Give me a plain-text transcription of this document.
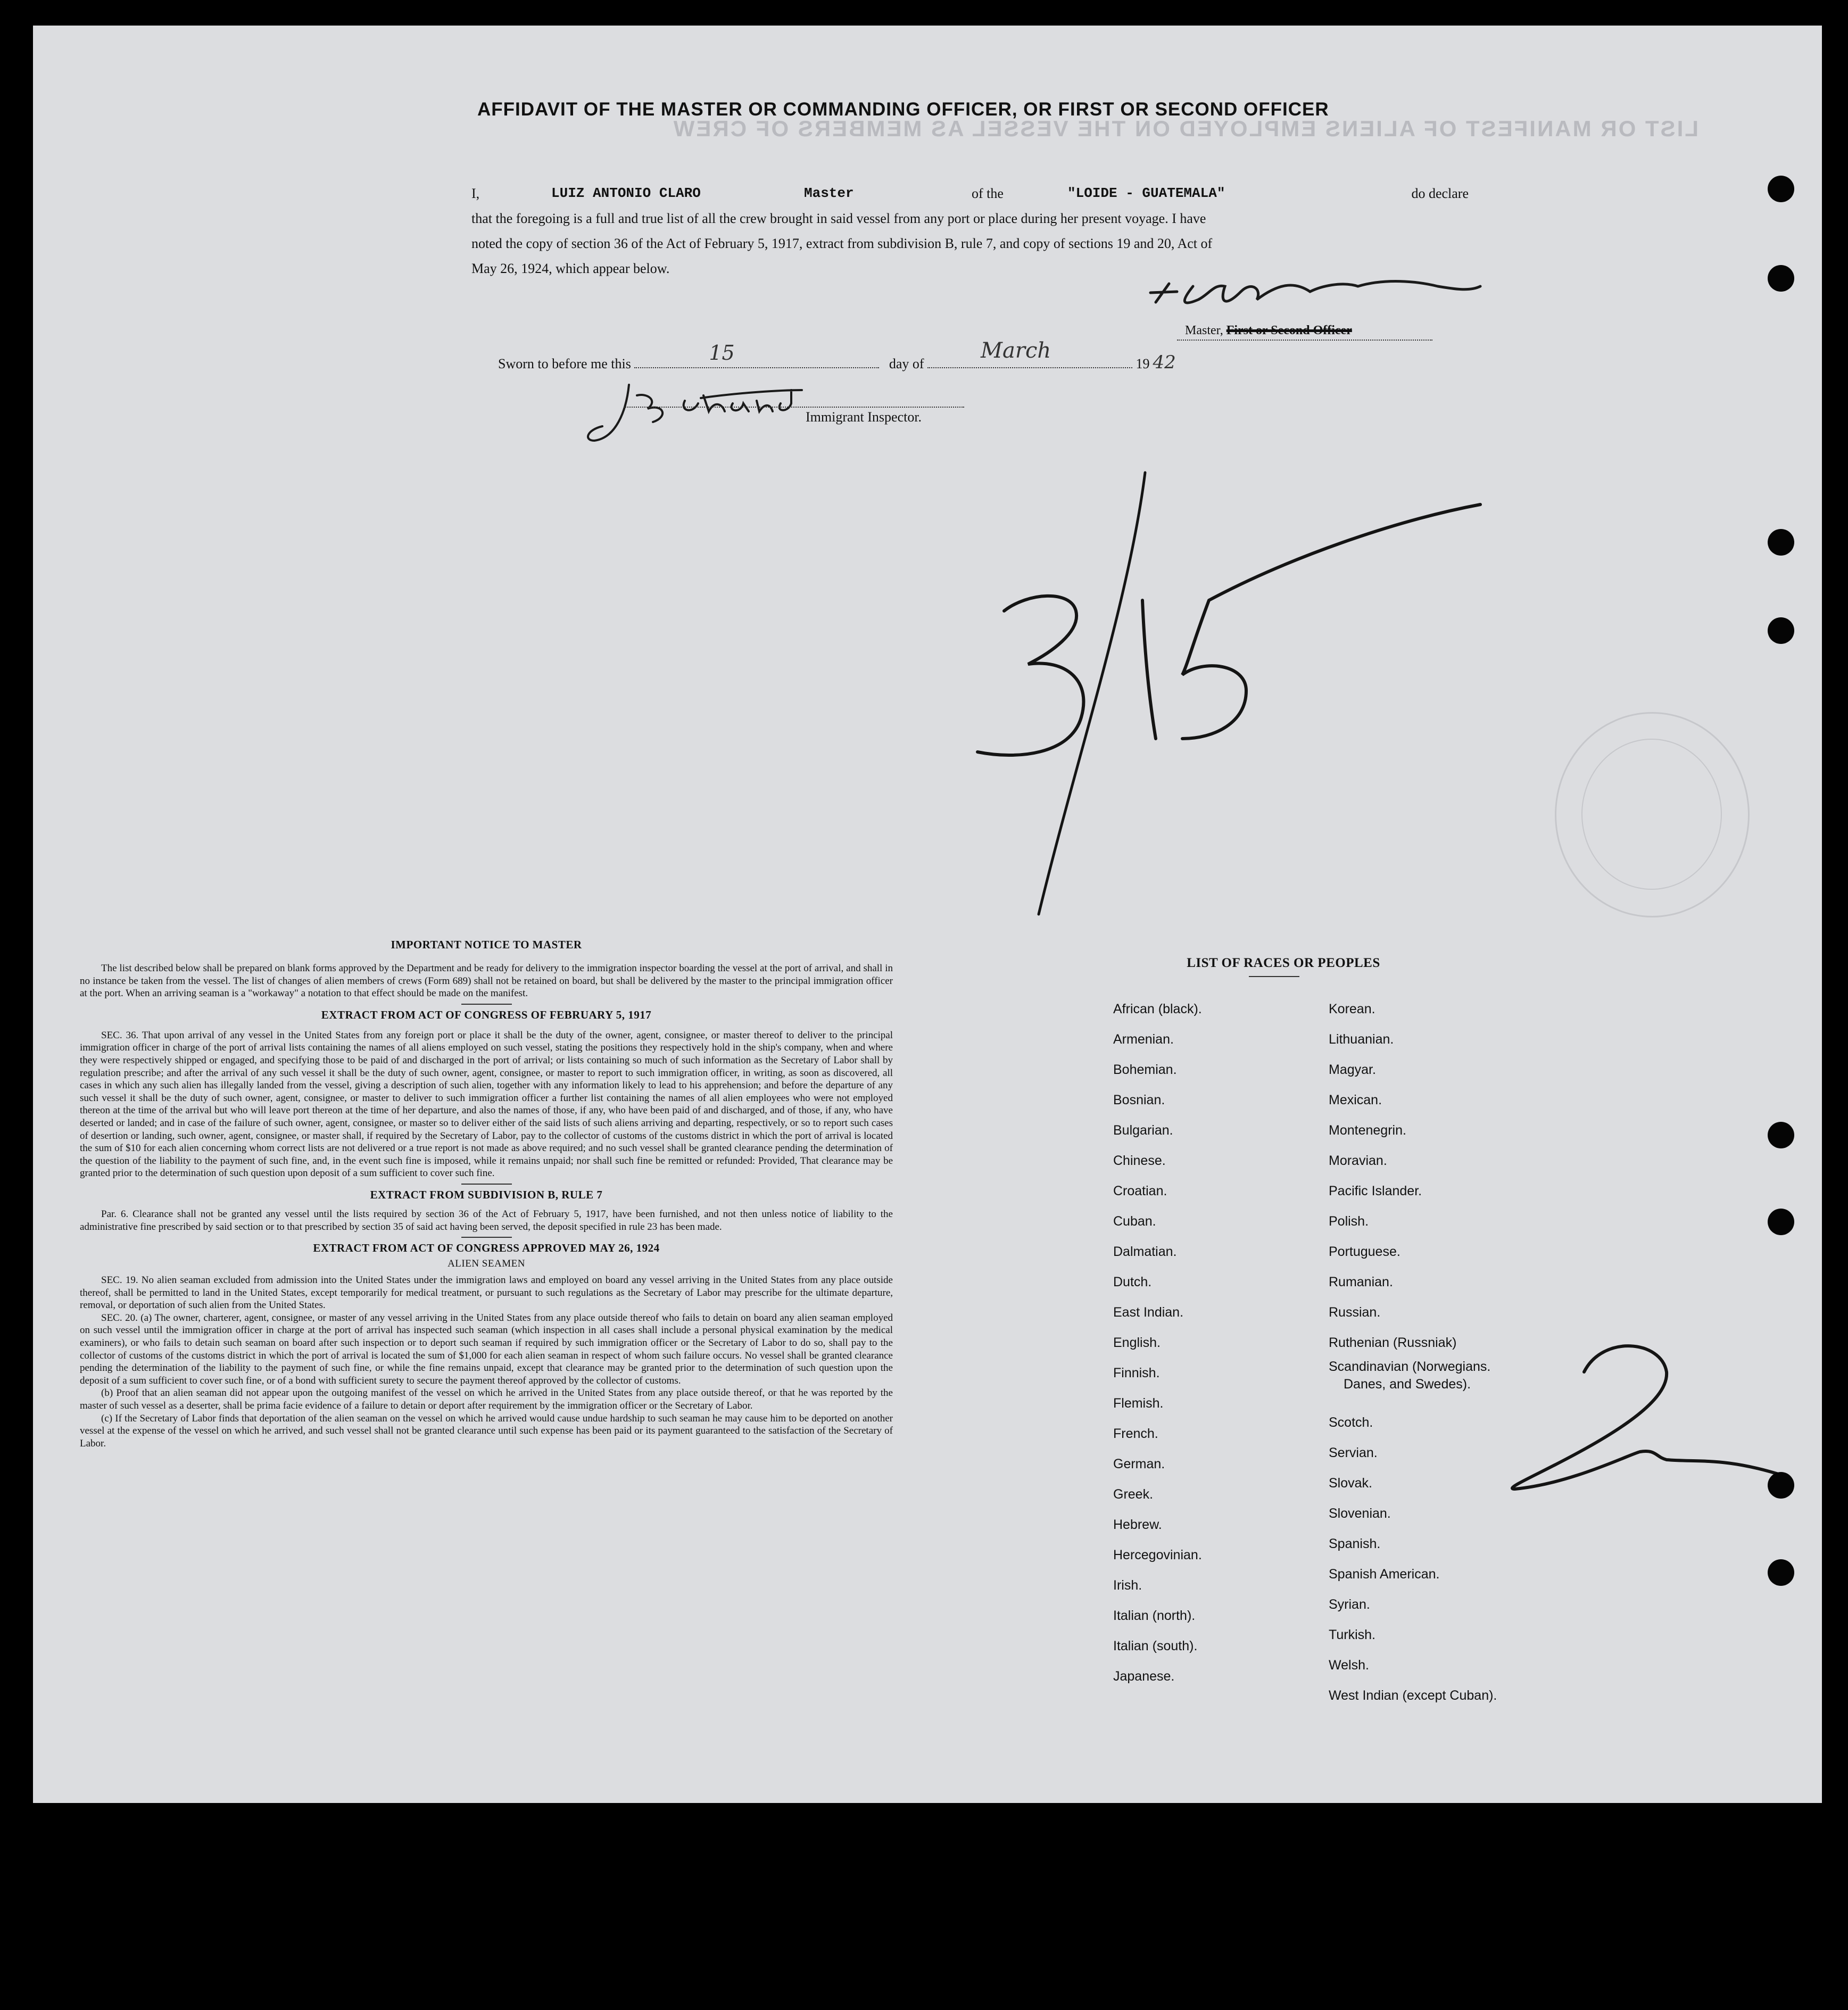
LIST OR MANIFEST OF ALIENS EMPLOYED ON THE VESSEL AS MEMBERS OF CREW
AFFIDAVIT OF THE MASTER OR COMMANDING OFFICER, OR FIRST OR SECOND OFFICER
I,	LUIZ ANTONIO CLARO	Master	of the	"LOIDE - GUATEMALA"	do declare
that the foregoing is a full and true list of all the crew brought in said vessel from any port or place during her present voyage. I have
noted the copy of section 36 of the Act of February 5, 1917, extract from subdivision B, rule 7, and copy of sections 19 and 20, Act of
May 26, 1924, which appear below.
Master, First or Second Officer
Sworn to before me this	15	day of
March
19 42
Immigrant Inspector.
IMPORTANT NOTICE TO MASTER
The list described below shall be prepared on blank forms approved by the Department and be ready for delivery to the immigration inspector boarding the vessel at the port of arrival, and shall in no instance be taken from the vessel. The list of changes of alien members of crews (Form 689) shall not be retained on board, but shall be delivered by the master to the principal immigration officer at the port. When an arriving seaman is a "workaway" a notation to that effect should be made on the manifest.
EXTRACT FROM ACT OF CONGRESS OF FEBRUARY 5, 1917
SEC. 36. That upon arrival of any vessel in the United States from any foreign port or place it shall be the duty of the owner, agent, consignee, or master thereof to deliver to the principal immigration officer in charge of the port of arrival lists containing the names of all aliens employed on such vessel, stating the positions they respectively hold in the ship's company, when and where they were respectively shipped or engaged, and specifying those to be paid of and discharged in the port of arrival; or lists containing so much of such information as the Secretary of Labor shall by regulation prescribe; and after the arrival of any such vessel it shall be the duty of such owner, agent, consignee, or master to report to such immigration officer, in writing, as soon as discovered, all cases in which any such alien has illegally landed from the vessel, giving a description of such alien, together with any information likely to lead to his apprehension; and before the departure of any such vessel it shall be the duty of such owner, agent, consignee, or master to deliver to such immigration officer a further list containing the names of all alien employees who were not employed thereon at the time of the arrival but who will leave port thereon at the time of her departure, and also the names of those, if any, who have been paid of and discharged, and of those, if any, who have deserted or landed; and in case of the failure of such owner, agent, consignee, or master so to deliver either of the said lists of such aliens arriving and departing, respectively, or so to report such cases of desertion or landing, such owner, agent, consignee, or master shall, if required by the Secretary of Labor, pay to the collector of customs of the customs district in which the port of arrival is located the sum of $10 for each alien concerning whom correct lists are not delivered or a true report is not made as above required; and no such vessel shall be granted clearance pending the determination of the question of the liability to the payment of such fine, and, in the event such fine is imposed, while it remains unpaid; nor shall such fine be remitted or refunded: Provided, That clearance may be granted prior to the determination of such question upon deposit of a sum sufficient to cover such fine.
EXTRACT FROM SUBDIVISION B, RULE 7
Par. 6. Clearance shall not be granted any vessel until the lists required by section 36 of the Act of February 5, 1917, have been furnished, and not then unless notice of liability to the administrative fine prescribed by said section or to that prescribed by section 35 of said act having been served, the deposit specified in rule 23 has been made.
EXTRACT FROM ACT OF CONGRESS APPROVED MAY 26, 1924
ALIEN SEAMEN
SEC. 19. No alien seaman excluded from admission into the United States under the immigration laws and employed on board any vessel arriving in the United States from any place outside thereof, shall be permitted to land in the United States, except temporarily for medical treatment, or pursuant to such regulations as the Secretary of Labor may prescribe for the ultimate departure, removal, or deportation of such alien from the United States.
SEC. 20. (a) The owner, charterer, agent, consignee, or master of any vessel arriving in the United States from any place outside thereof who fails to detain on board any alien seaman employed on such vessel until the immigration officer in charge at the port of arrival has inspected such seaman (which inspection in all cases shall include a personal physical examination by the medical examiners), or who fails to detain such seaman on board after such inspection or to deport such seaman if required by such immigration officer or the Secretary of Labor to do so, shall pay to the collector of customs of the customs district in which the port of arrival is located the sum of $1,000 for each alien seaman in respect of whom such failure occurs. No vessel shall be granted clearance pending the determination of the liability to the payment of such fine, or while the fine remains unpaid, except that clearance may be granted prior to the determination of such question upon the deposit of a sum sufficient to cover such fine, or of a bond with sufficient surety to secure the payment thereof approved by the collector of customs.
(b) Proof that an alien seaman did not appear upon the outgoing manifest of the vessel on which he arrived in the United States from any place outside thereof, or that he was reported by the master of such vessel as a deserter, shall be prima facie evidence of a failure to detain or deport after requirement by the immigration officer or the Secretary of Labor.
(c) If the Secretary of Labor finds that deportation of the alien seaman on the vessel on which he arrived would cause undue hardship to such seaman he may cause him to be deported on another vessel at the expense of the vessel on which he arrived, and such vessel shall not be granted clearance until such expense has been paid or its payment guaranteed to the satisfaction of the Secretary of Labor.
LIST OF RACES OR PEOPLES
African (black).
Armenian.
Bohemian.
Bosnian.
Bulgarian.
Chinese.
Croatian.
Cuban.
Dalmatian.
Dutch.
East Indian.
English.
Finnish.
Flemish.
French.
German.
Greek.
Hebrew.
Hercegovinian.
Irish.
Italian (north).
Italian (south).
Japanese.
Korean.
Lithuanian.
Magyar.
Mexican.
Montenegrin.
Moravian.
Pacific Islander.
Polish.
Portuguese.
Rumanian.
Russian.
Ruthenian (Russniak)
Scandinavian (Norwegians.
Danes, and Swedes).
Scotch.
Servian.
Slovak.
Slovenian.
Spanish.
Spanish American.
Syrian.
Turkish.
Welsh.
West Indian (except Cuban).
